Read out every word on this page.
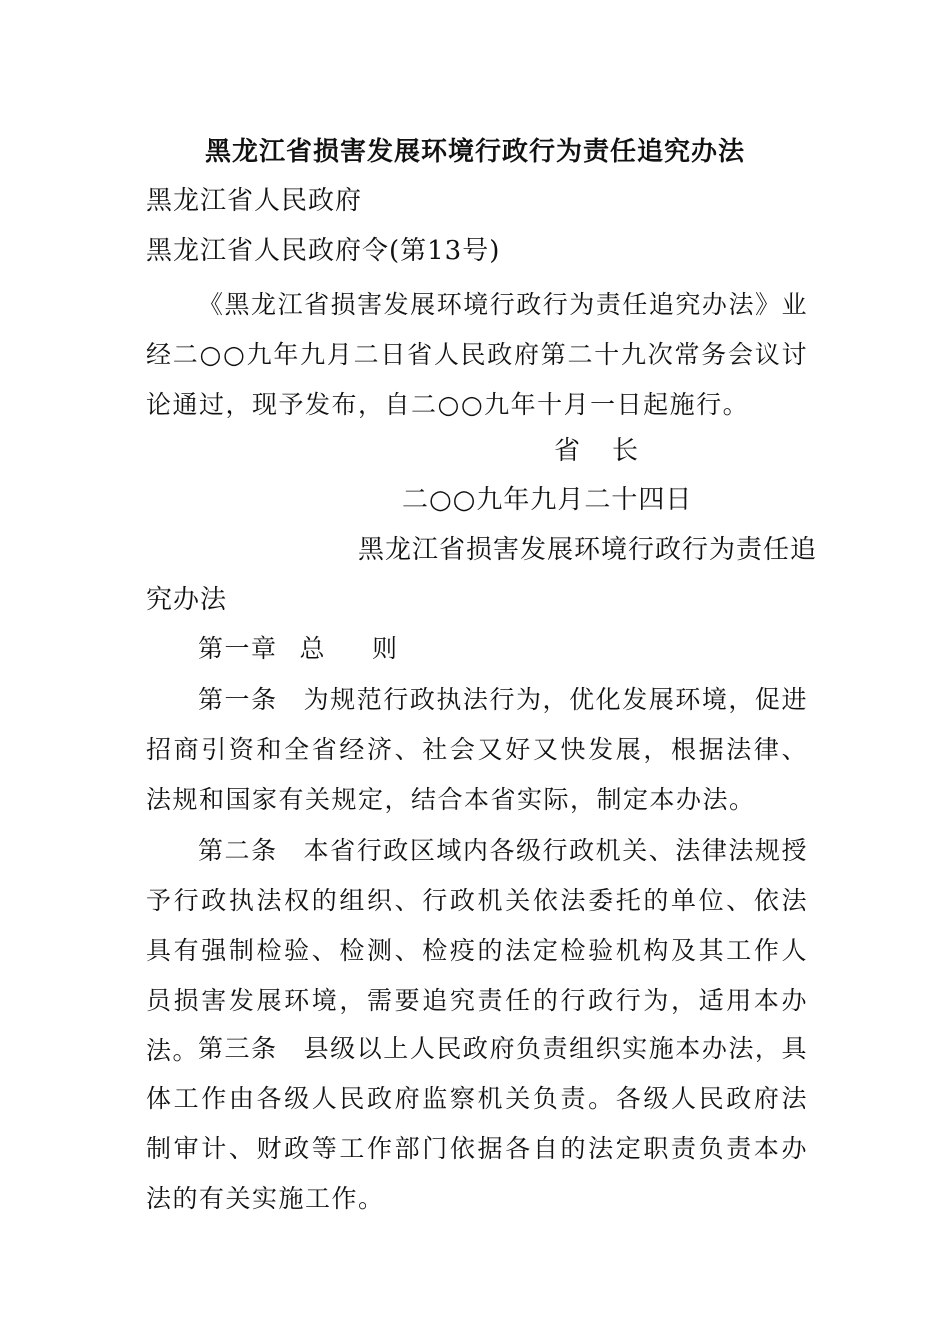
黑龙江省损害发展环境行政行为责任追究办法
黑龙江省人民政府
黑龙江省人民政府令(第13号)
《黑龙江省损害发展环境行政行为责任追究办法》业经二○○九年九月二日省人民政府第二十九次常务会议讨论通过，现予发布，自二○○九年十月一日起施行。
省　长
二○○九年九月二十四日
黑龙江省损害发展环境行政行为责任追
究办法
第一章 总 则
第一条 为规范行政执法行为，优化发展环境，促进招商引资和全省经济、社会又好又快发展，根据法律、法规和国家有关规定，结合本省实际，制定本办法。
第二条 本省行政区域内各级行政机关、法律法规授予行政执法权的组织、行政机关依法委托的单位、依法具有强制检验、检测、检疫的法定检验机构及其工作人员损害发展环境，需要追究责任的行政行为，适用本办法。
第三条 县级以上人民政府负责组织实施本办法，具体工作由各级人民政府监察机关负责。各级人民政府法制审计、财政等工作部门依据各自的法定职责负责本办法的有关实施工作。
